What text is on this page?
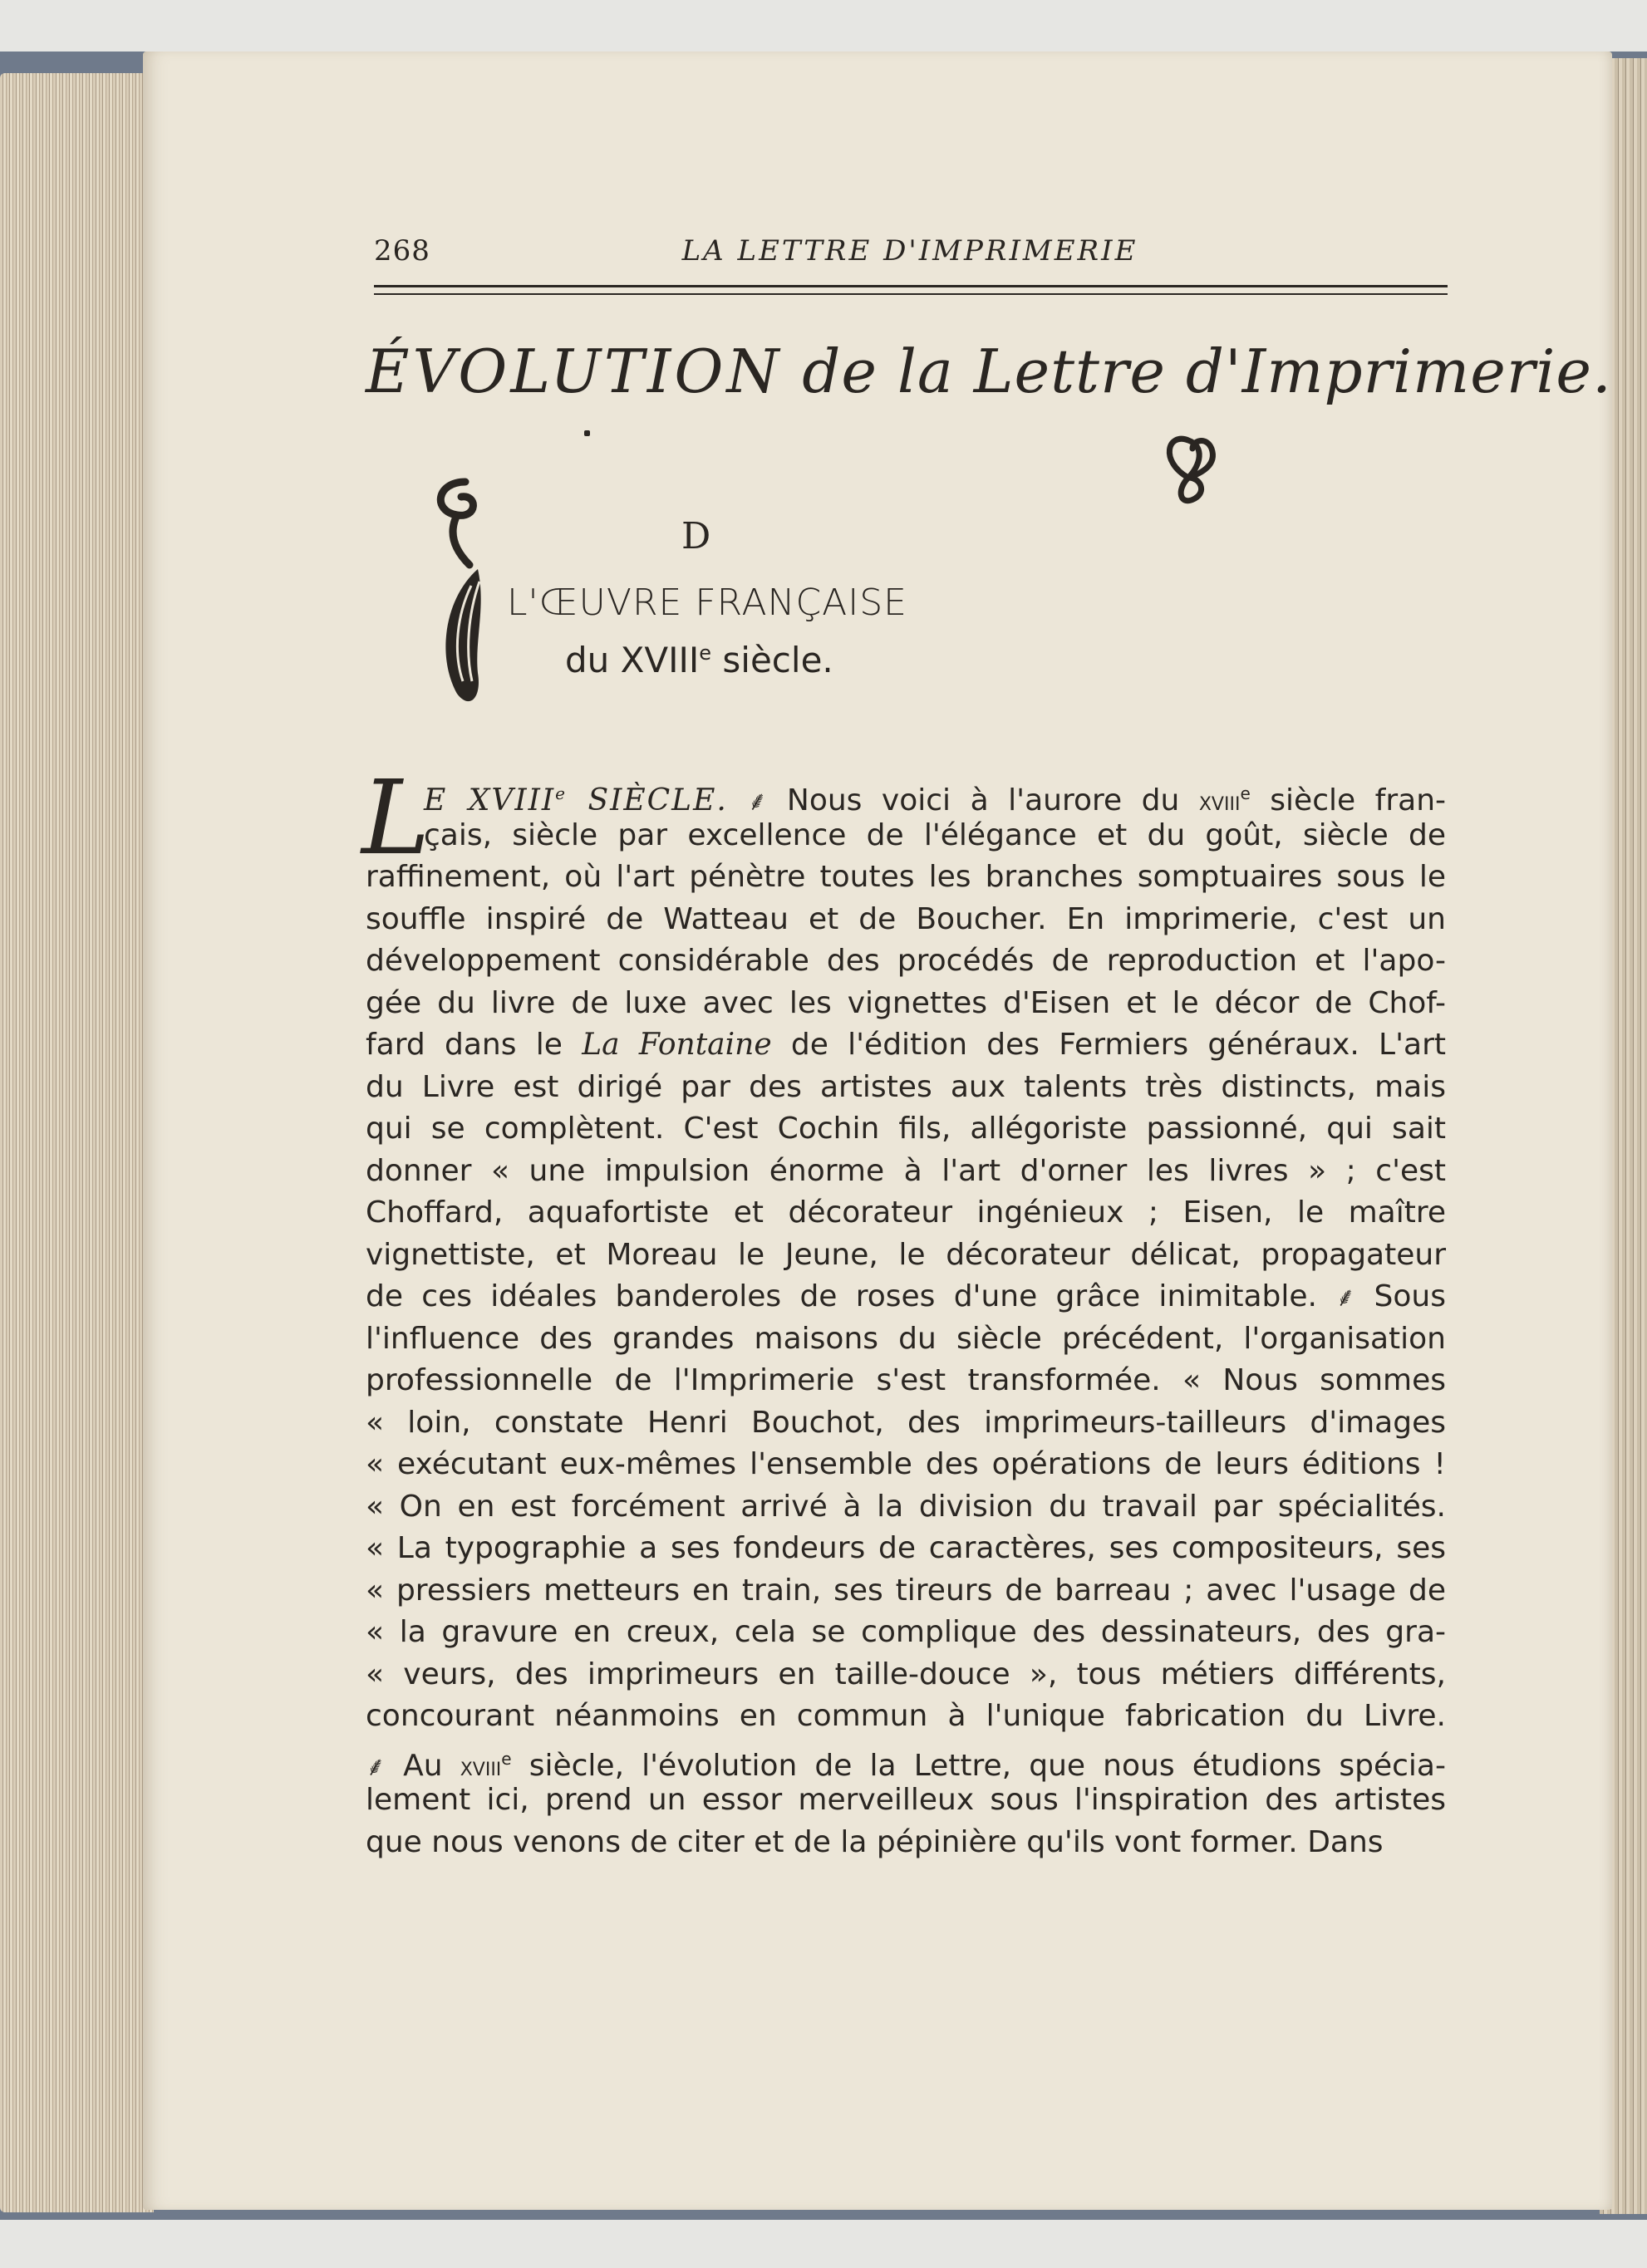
268	LA LETTRE D'IMPRIMERIE
ÉVOLUTION de la Lettre d'Imprimerie.
D
L'ŒUVRE FRANÇAISE
du XVIIIe siècle.
L
E XVIIIe SIÈCLE. ⸙ Nous voici à l'aurore du xviii$^e$ siècle fran-
çais, siècle par excellence de l'élégance et du goût, siècle de
raffinement, où l'art pénètre toutes les branches somptuaires sous le
souffle inspiré de Watteau et de Boucher. En imprimerie, c'est un
développement considérable des procédés de reproduction et l'apo-
gée du livre de luxe avec les vignettes d'Eisen et le décor de Chof-
fard dans le La Fontaine de l'édition des Fermiers généraux. L'art
du Livre est dirigé par des artistes aux talents très distincts, mais
qui se complètent. C'est Cochin fils, allégoriste passionné, qui sait
donner « une impulsion énorme à l'art d'orner les livres » ; c'est
Choffard, aquafortiste et décorateur ingénieux ; Eisen, le maître
vignettiste, et Moreau le Jeune, le décorateur délicat, propagateur
de ces idéales banderoles de roses d'une grâce inimitable. ⸙ Sous
l'influence des grandes maisons du siècle précédent, l'organisation
professionnelle de l'Imprimerie s'est transformée. « Nous sommes
« loin, constate Henri Bouchot, des imprimeurs-tailleurs d'images
« exécutant eux-mêmes l'ensemble des opérations de leurs éditions !
« On en est forcément arrivé à la division du travail par spécialités.
« La typographie a ses fondeurs de caractères, ses compositeurs, ses
« pressiers metteurs en train, ses tireurs de barreau ; avec l'usage de
« la gravure en creux, cela se complique des dessinateurs, des gra-
« veurs, des imprimeurs en taille-douce », tous métiers différents,
concourant néanmoins en commun à l'unique fabrication du Livre.
⸙ Au xviii$^e$ siècle, l'évolution de la Lettre, que nous étudions spécia-
lement ici, prend un essor merveilleux sous l'inspiration des artistes
que nous venons de citer et de la pépinière qu'ils vont former. Dans
